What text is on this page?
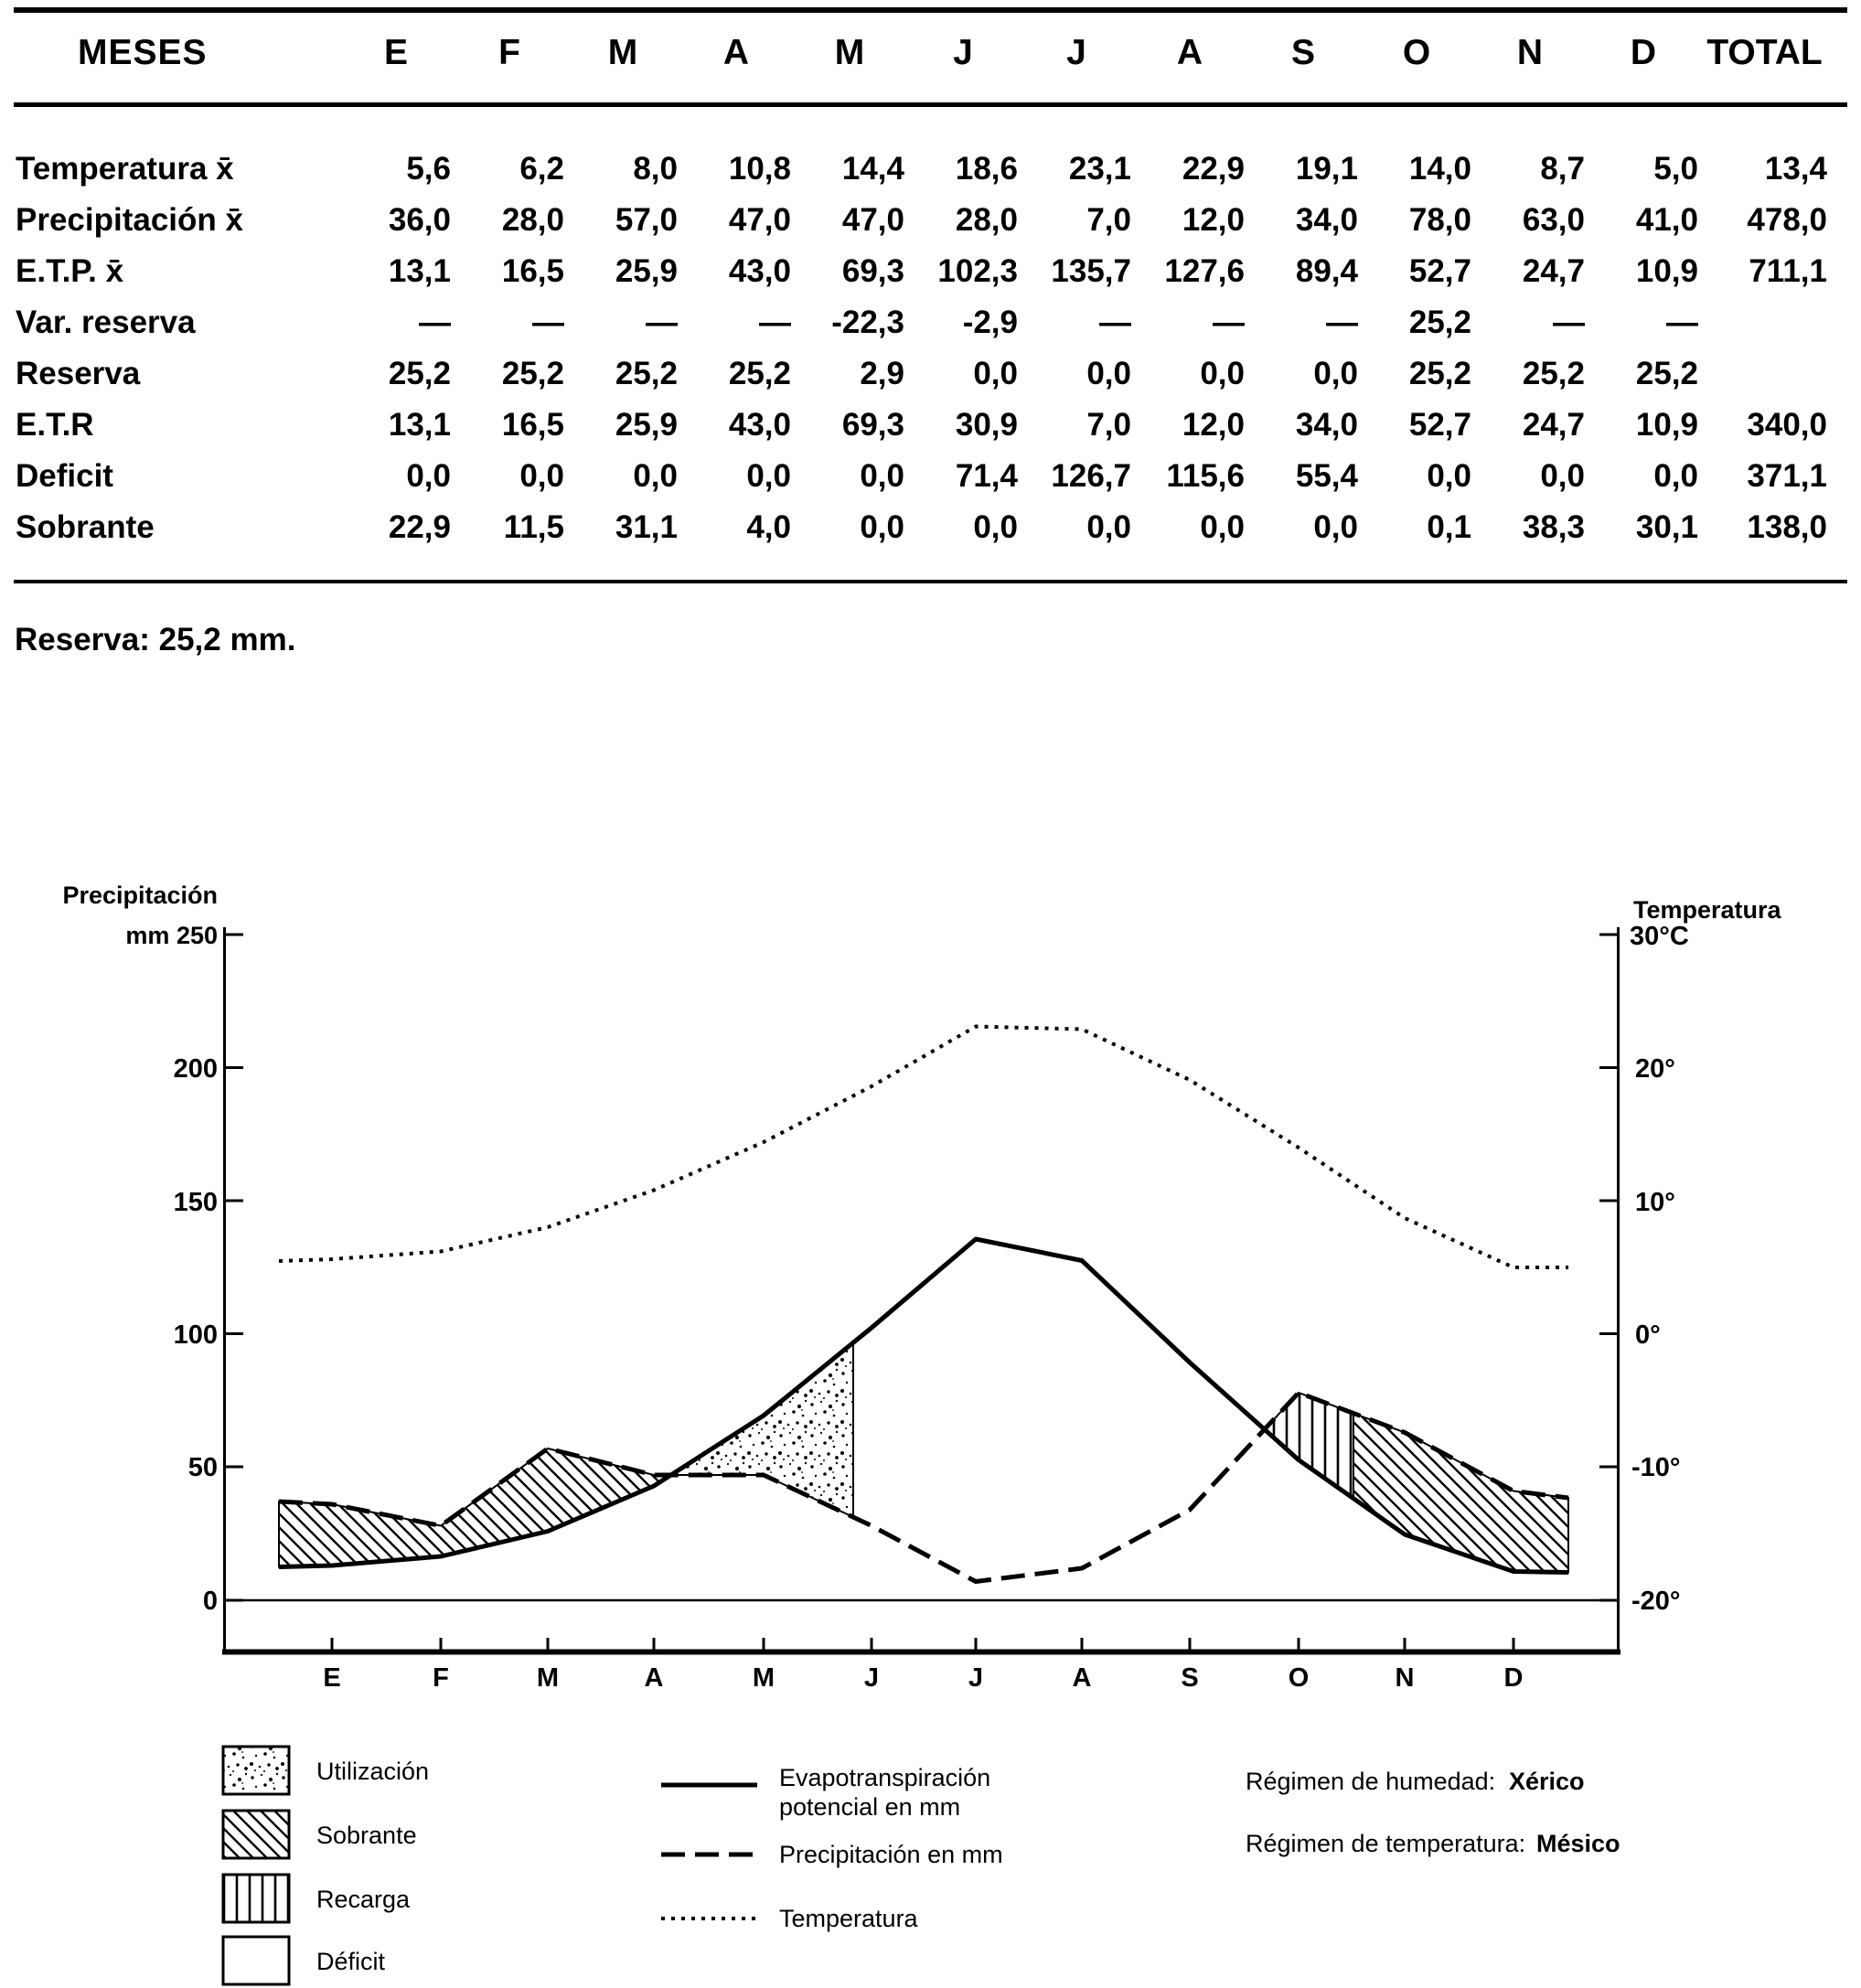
MESES	E	F	M	A	M	J	J	A	S	O	N	D	TOTAL
Temperatura x̄	5,6	6,2	8,0	10,8	14,4	18,6	23,1	22,9	19,1	14,0	8,7	5,0	13,4
Precipitación x̄	36,0	28,0	57,0	47,0	47,0	28,0	7,0	12,0	34,0	78,0	63,0	41,0	478,0
E.T.P. x̄	13,1	16,5	25,9	43,0	69,3	102,3	135,7	127,6	89,4	52,7	24,7	10,9	711,1
Var. reserva	—	—	—	—	-22,3	-2,9	—	—	—	25,2	—	—
Reserva	25,2	25,2	25,2	25,2	2,9	0,0	0,0	0,0	0,0	25,2	25,2	25,2
E.T.R	13,1	16,5	25,9	43,0	69,3	30,9	7,0	12,0	34,0	52,7	24,7	10,9	340,0
Deficit	0,0	0,0	0,0	0,0	0,0	71,4	126,7	115,6	55,4	0,0	0,0	0,0	371,1
Sobrante	22,9	11,5	31,1	4,0	0,0	0,0	0,0	0,0	0,0	0,1	38,3	30,1	138,0
Reserva: 25,2 mm.
Precipitación
mm 250
200
150
100
50
0
Temperatura
30°C
20°
10°
0°
-10°
-20°
E	F	M	A	M	J	J	A	S	O	N	D
Utilización
Sobrante
Recarga
Déficit
Evapotranspiración
potencial en mm
Precipitación en mm
Temperatura
Régimen de humedad: Xérico
Régimen de temperatura: Mésico
